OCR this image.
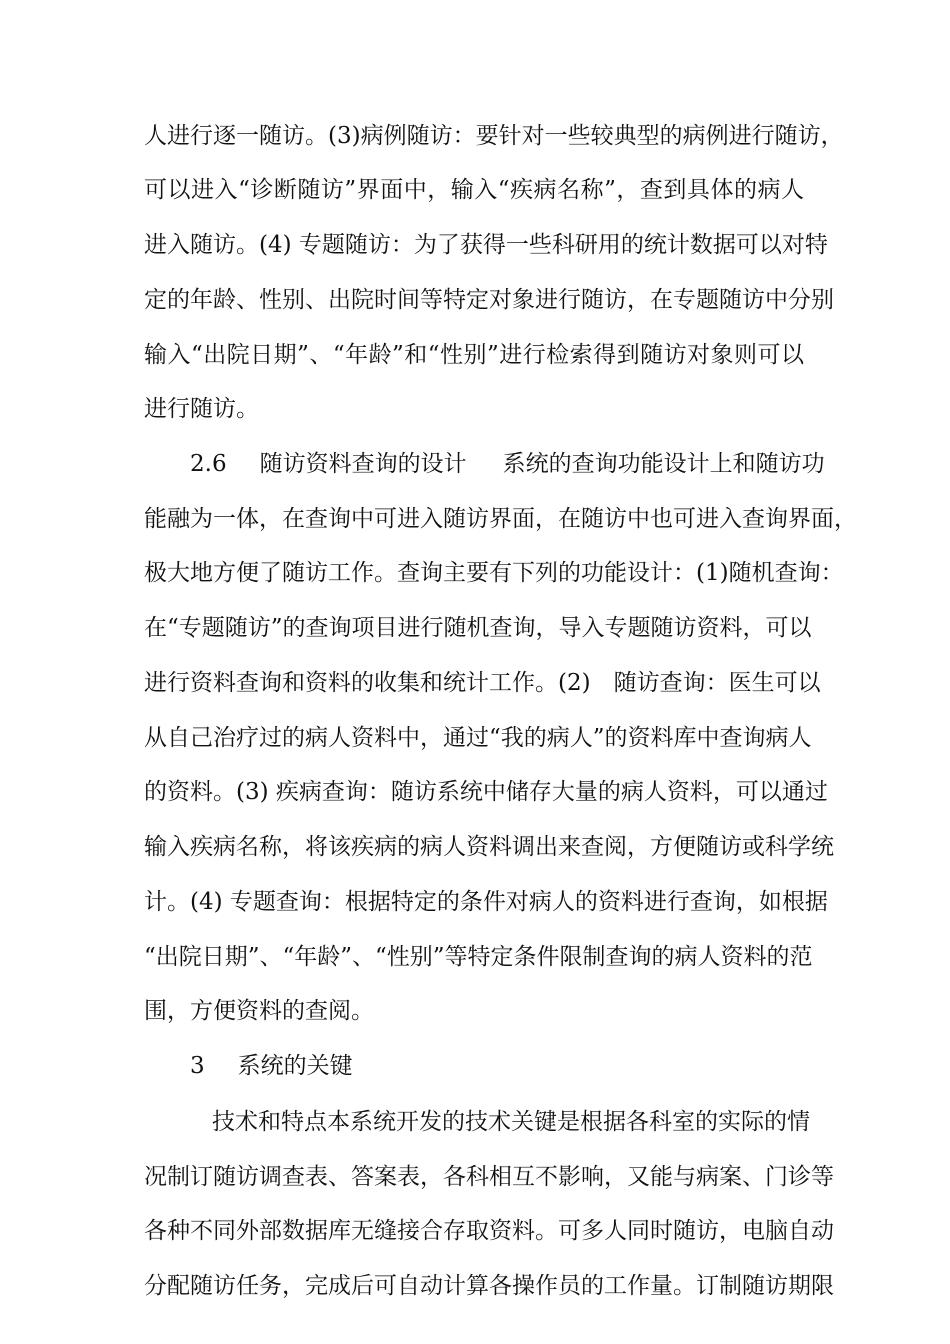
人进行逐一随访。(3)病例随访：要针对一些较典型的病例进行随访，
可以进入“诊断随访”界面中，输入“疾病名称”，查到具体的病人
进入随访。(4) 专题随访：为了获得一些科研用的统计数据可以对特
定的年龄、性别、出院时间等特定对象进行随访，在专题随访中分别
输入“出院日期”、“年龄”和“性别”进行检索得到随访对象则可以
进行随访。
2.6 随访资料查询的设计 系统的查询功能设计上和随访功
能融为一体，在查询中可进入随访界面，在随访中也可进入查询界面，
极大地方便了随访工作。查询主要有下列的功能设计：(1)随机查询：
在“专题随访”的查询项目进行随机查询，导入专题随访资料，可以
进行资料查询和资料的收集和统计工作。(2)　随访查询：医生可以
从自己治疗过的病人资料中，通过“我的病人”的资料库中查询病人
的资料。(3) 疾病查询：随访系统中储存大量的病人资料，可以通过
输入疾病名称，将该疾病的病人资料调出来查阅，方便随访或科学统
计。(4) 专题查询：根据特定的条件对病人的资料进行查询，如根据
“出院日期”、“年龄”、“性别”等特定条件限制查询的病人资料的范
围，方便资料的查阅。
3 系统的关键
技术和特点本系统开发的技术关键是根据各科室的实际的情
况制订随访调查表、答案表，各科相互不影响，又能与病案、门诊等
各种不同外部数据库无缝接合存取资料。可多人同时随访，电脑自动
分配随访任务，完成后可自动计算各操作员的工作量。订制随访期限
